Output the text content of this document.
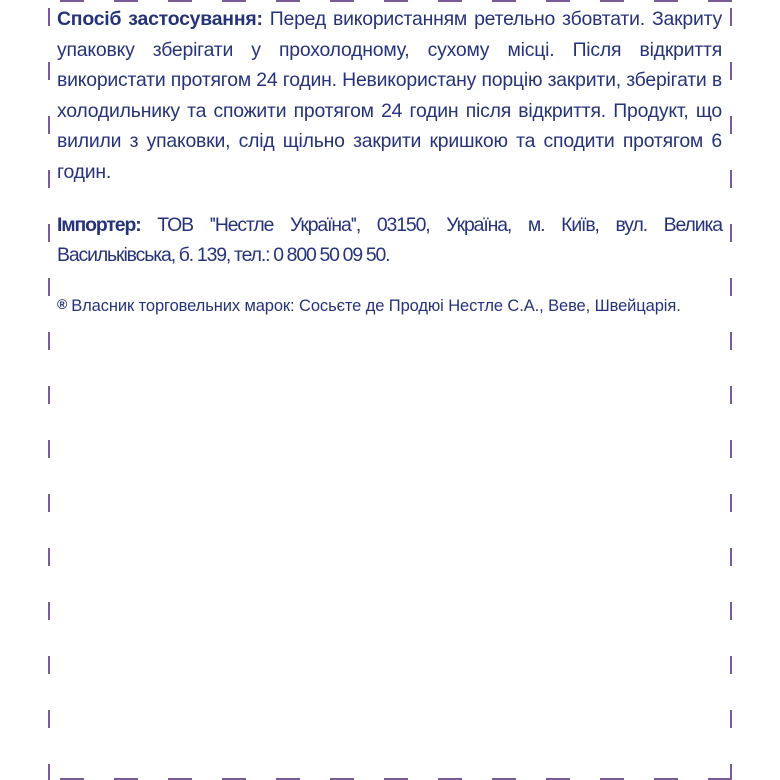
Спосіб застосування: Перед використанням ретельно збовтати. Закриту упаковку зберігати у прохолодному, сухому місці. Після відкриття використати протягом 24 годин. Невикористану порцію закрити, зберігати в холодильнику та спожити протягом 24 годин після відкриття. Продукт, що вилили з упаковки, слід щільно закрити кришкою та сподити протягом 6 годин.

Імпортер: ТОВ ''Нестле Україна'', 03150, Україна, м. Київ, вул. Велика Васильківська, б. 139, тел.: 0 800 50 09 50.

® Власник торговельних марок: Сосьєте де Продюі Нестле С.А., Веве, Швейцарія.
